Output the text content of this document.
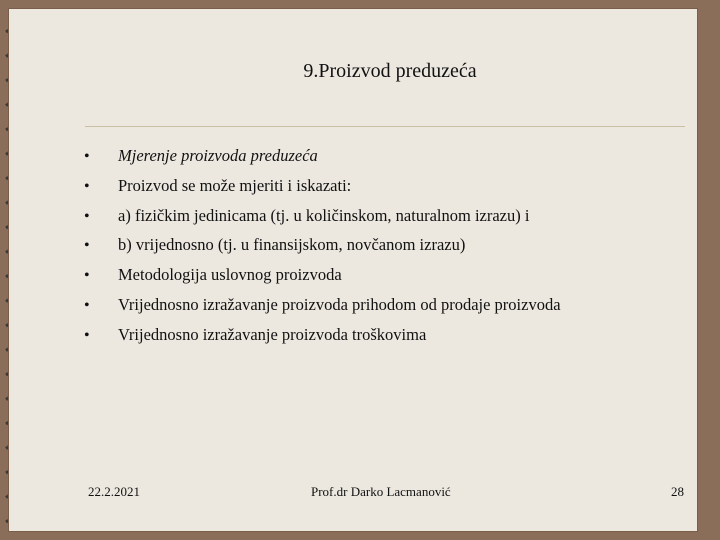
9.Proizvod preduzeća
•	Mjerenje proizvoda preduzeća
•	Proizvod se može mjeriti i iskazati:
•	a) fizičkim jedinicama (tj. u količinskom, naturalnom izrazu) i
•	b) vrijednosno (tj. u finansijskom, novčanom izrazu)
•	Metodologija uslovnog proizvoda
•	Vrijednosno izražavanje proizvoda prihodom od prodaje proizvoda
•	Vrijednosno izražavanje proizvoda troškovima
22.2.2021	Prof.dr Darko Lacmanović	28
